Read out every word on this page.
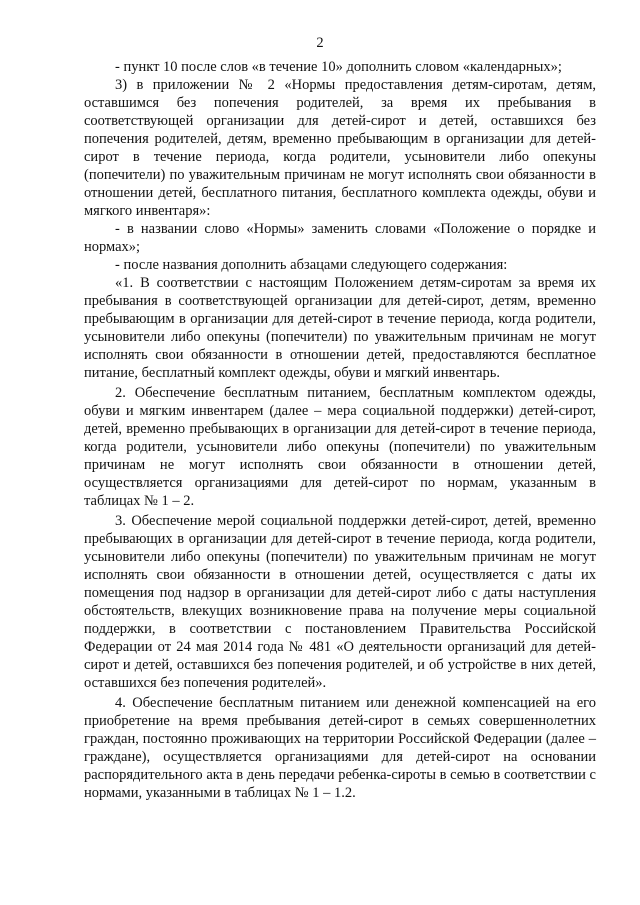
2

- пункт 10 после слов «в течение 10» дополнить словом «календарных»;

3) в приложении № 2 «Нормы предоставления детям-сиротам, детям, оставшимся без попечения родителей, за время их пребывания в соответствующей организации для детей-сирот и детей, оставшихся без попечения родителей, детям, временно пребывающим в организации для детей-сирот в течение периода, когда родители, усыновители либо опекуны (попечители) по уважительным причинам не могут исполнять свои обязанности в отношении детей, бесплатного питания, бесплатного комплекта одежды, обуви и мягкого инвентаря»:

- в названии слово «Нормы» заменить словами «Положение о порядке и нормах»;

- после названия дополнить абзацами следующего содержания:

«1. В соответствии с настоящим Положением детям-сиротам за время их пребывания в соответствующей организации для детей-сирот, детям, временно пребывающим в организации для детей-сирот в течение периода, когда родители, усыновители либо опекуны (попечители) по уважительным причинам не могут исполнять свои обязанности в отношении детей, предоставляются бесплатное питание, бесплатный комплект одежды, обуви и мягкий инвентарь.

2. Обеспечение бесплатным питанием, бесплатным комплектом одежды, обуви и мягким инвентарем (далее – мера социальной поддержки) детей-сирот, детей, временно пребывающих в организации для детей-сирот в течение периода, когда родители, усыновители либо опекуны (попечители) по уважительным причинам не могут исполнять свои обязанности в отношении детей, осуществляется организациями для детей-сирот по нормам, указанным в таблицах № 1 – 2.

3. Обеспечение мерой социальной поддержки детей-сирот, детей, временно пребывающих в организации для детей-сирот в течение периода, когда родители, усыновители либо опекуны (попечители) по уважительным причинам не могут исполнять свои обязанности в отношении детей, осуществляется с даты их помещения под надзор в организации для детей-сирот либо с даты наступления обстоятельств, влекущих возникновение права на получение меры социальной поддержки, в соответствии с постановлением Правительства Российской Федерации от 24 мая 2014 года № 481 «О деятельности организаций для детей-сирот и детей, оставшихся без попечения родителей, и об устройстве в них детей, оставшихся без попечения родителей».

4. Обеспечение бесплатным питанием или денежной компенсацией на его приобретение на время пребывания детей-сирот в семьях совершеннолетних граждан, постоянно проживающих на территории Российской Федерации (далее – граждане), осуществляется организациями для детей-сирот на основании распорядительного акта в день передачи ребенка-сироты в семью в соответствии с нормами, указанными в таблицах № 1 – 1.2.
